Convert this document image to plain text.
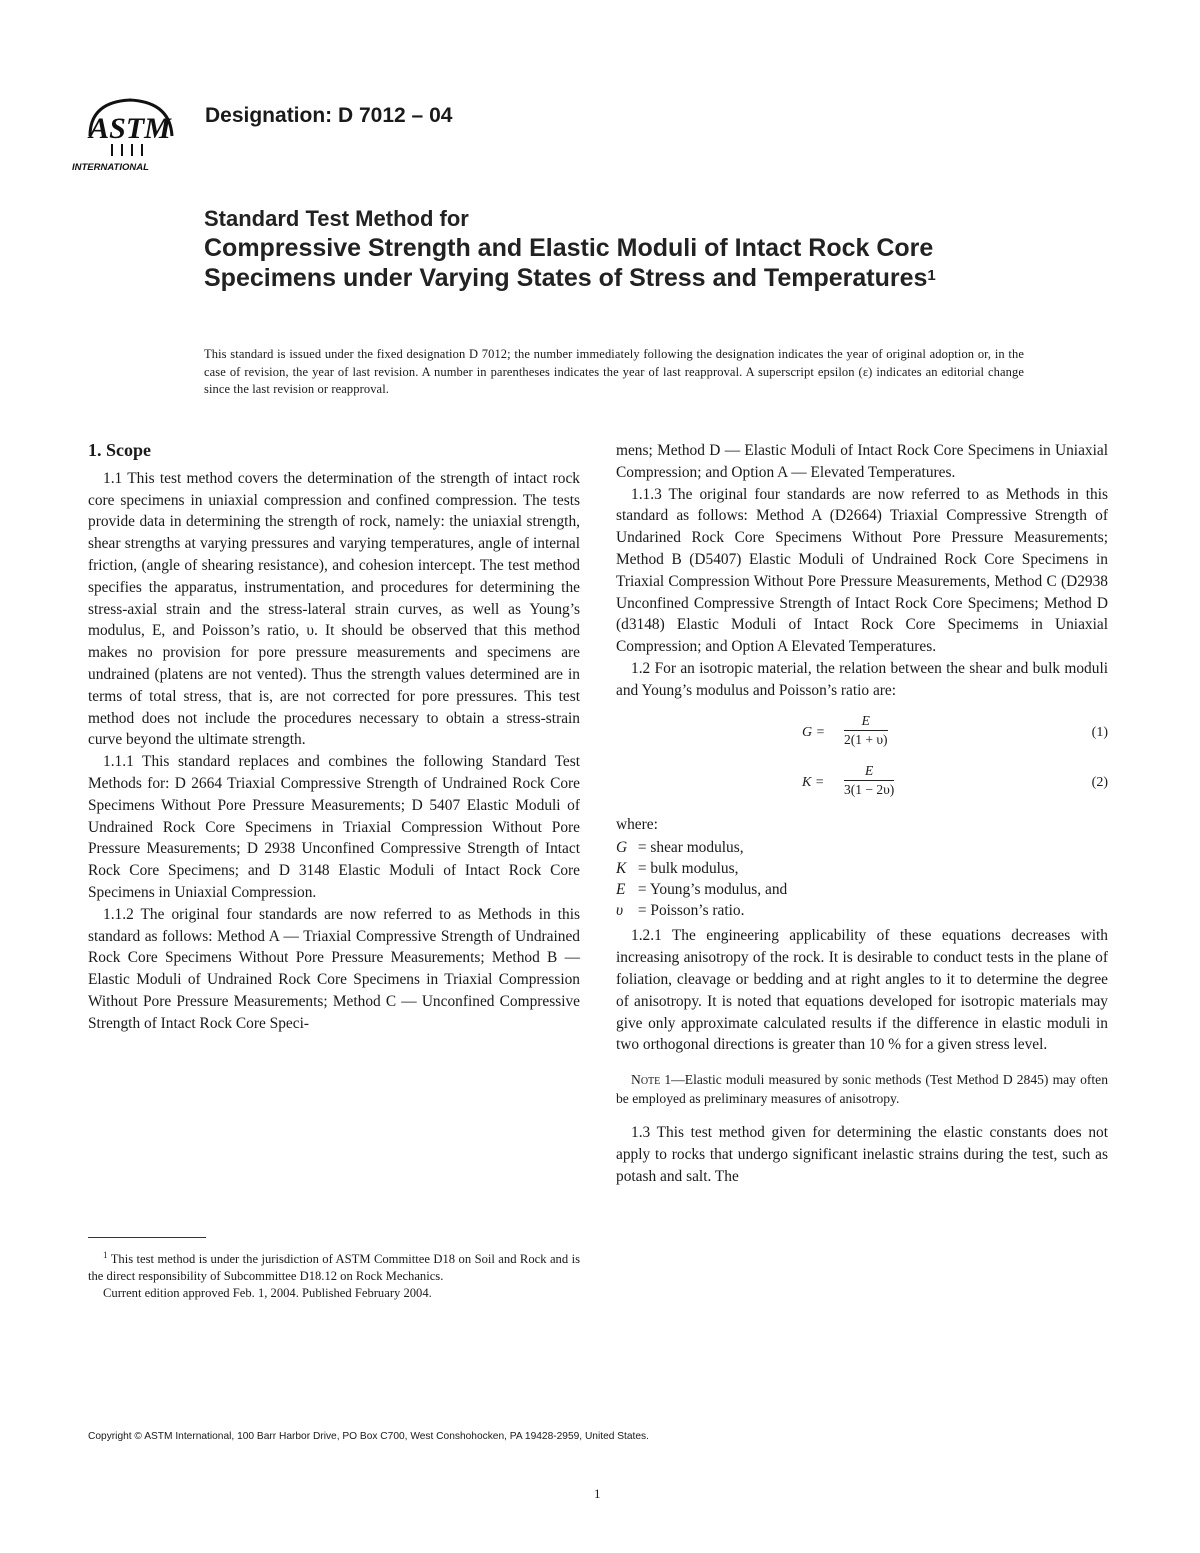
ASTM
INTERNATIONAL
Designation: D 7012 – 04
Standard Test Method for
Compressive Strength and Elastic Moduli of Intact Rock Core Specimens under Varying States of Stress and Temperatures$^1$
This standard is issued under the fixed designation D 7012; the number immediately following the designation indicates the year of original adoption or, in the case of revision, the year of last revision. A number in parentheses indicates the year of last reapproval. A superscript epsilon (ε) indicates an editorial change since the last revision or reapproval.
1. Scope

1.1 This test method covers the determination of the strength of intact rock core specimens in uniaxial compression and confined compression. The tests provide data in determining the strength of rock, namely: the uniaxial strength, shear strengths at varying pressures and varying temperatures, angle of internal friction, (angle of shearing resistance), and cohesion intercept. The test method specifies the apparatus, instrumentation, and procedures for determining the stress-axial strain and the stress-lateral strain curves, as well as Young’s modulus, E, and Poisson’s ratio, υ. It should be observed that this method makes no provision for pore pressure measurements and specimens are undrained (platens are not vented). Thus the strength values determined are in terms of total stress, that is, are not corrected for pore pressures. This test method does not include the procedures necessary to obtain a stress-strain curve beyond the ultimate strength.

1.1.1 This standard replaces and combines the following Standard Test Methods for: D 2664 Triaxial Compressive Strength of Undrained Rock Core Specimens Without Pore Pressure Measurements; D 5407 Elastic Moduli of Undrained Rock Core Specimens in Triaxial Compression Without Pore Pressure Measurements; D 2938 Unconfined Compressive Strength of Intact Rock Core Specimens; and D 3148 Elastic Moduli of Intact Rock Core Specimens in Uniaxial Compression.

1.1.2 The original four standards are now referred to as Methods in this standard as follows: Method A — Triaxial Compressive Strength of Undrained Rock Core Specimens Without Pore Pressure Measurements; Method B — Elastic Moduli of Undrained Rock Core Specimens in Triaxial Compression Without Pore Pressure Measurements; Method C — Unconfined Compressive Strength of Intact Rock Core Speci-

mens; Method D — Elastic Moduli of Intact Rock Core Specimens in Uniaxial Compression; and Option A — Elevated Temperatures.

1.1.3 The original four standards are now referred to as Methods in this standard as follows: Method A (D2664) Triaxial Compressive Strength of Undarined Rock Core Specimens Without Pore Pressure Measurements; Method B (D5407) Elastic Moduli of Undrained Rock Core Specimens in Triaxial Compression Without Pore Pressure Measurements, Method C (D2938 Unconfined Compressive Strength of Intact Rock Core Specimens; Method D (d3148) Elastic Moduli of Intact Rock Core Specimems in Uniaxial Compression; and Option A Elevated Temperatures.

1.2 For an isotropic material, the relation between the shear and bulk moduli and Young’s modulus and Poisson’s ratio are:

$G = \frac{E}{2(1 + \upsilon)}$	(1)
$K = \frac{E}{3(1 - 2\upsilon)}$	(2)
where:
G = shear modulus,
K = bulk modulus,
E = Young’s modulus, and
υ = Poisson’s ratio.

1.2.1 The engineering applicability of these equations decreases with increasing anisotropy of the rock. It is desirable to conduct tests in the plane of foliation, cleavage or bedding and at right angles to it to determine the degree of anisotropy. It is noted that equations developed for isotropic materials may give only approximate calculated results if the difference in elastic moduli in two orthogonal directions is greater than 10 % for a given stress level.

Note 1—Elastic moduli measured by sonic methods (Test Method D 2845) may often be employed as preliminary measures of anisotropy.

1.3 This test method given for determining the elastic constants does not apply to rocks that undergo significant inelastic strains during the test, such as potash and salt. The

$^1$ This test method is under the jurisdiction of ASTM Committee D18 on Soil and Rock and is the direct responsibility of Subcommittee D18.12 on Rock Mechanics.

Current edition approved Feb. 1, 2004. Published February 2004.

Copyright © ASTM International, 100 Barr Harbor Drive, PO Box C700, West Conshohocken, PA 19428-2959, United States.
1
